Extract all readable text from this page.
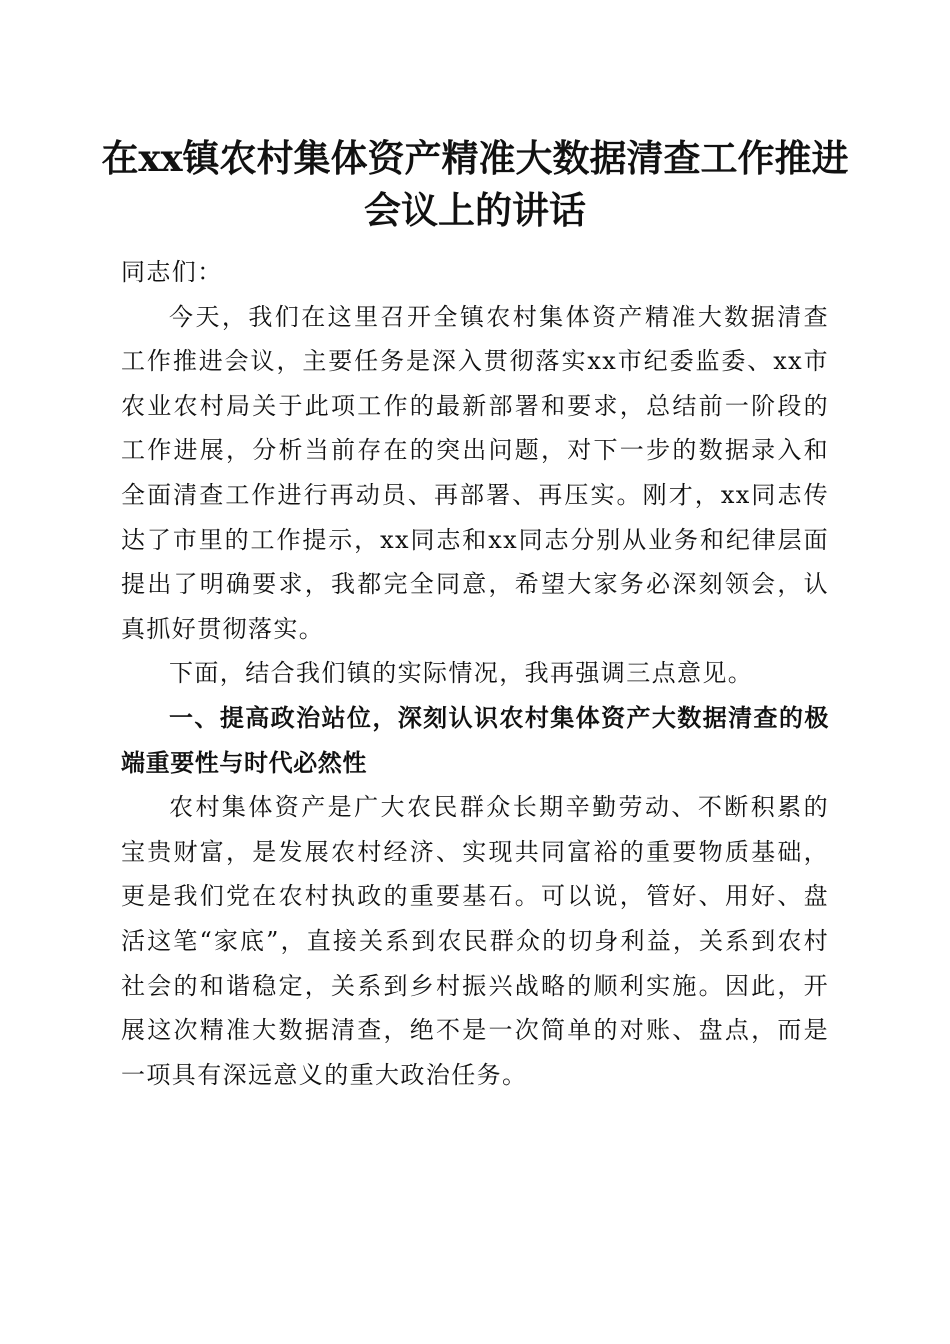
在xx镇农村集体资产精准大数据清查工作推进会议上的讲话

同志们：

今天，我们在这里召开全镇农村集体资产精准大数据清查工作推进会议，主要任务是深入贯彻落实xx市纪委监委、xx市农业农村局关于此项工作的最新部署和要求，总结前一阶段的工作进展，分析当前存在的突出问题，对下一步的数据录入和全面清查工作进行再动员、再部署、再压实。刚才，xx同志传达了市里的工作提示，xx同志和xx同志分别从业务和纪律层面提出了明确要求，我都完全同意，希望大家务必深刻领会，认真抓好贯彻落实。

下面，结合我们镇的实际情况，我再强调三点意见。

一、提高政治站位，深刻认识农村集体资产大数据清查的极端重要性与时代必然性

农村集体资产是广大农民群众长期辛勤劳动、不断积累的宝贵财富，是发展农村经济、实现共同富裕的重要物质基础，更是我们党在农村执政的重要基石。可以说，管好、用好、盘活这笔“家底”，直接关系到农民群众的切身利益，关系到农村社会的和谐稳定，关系到乡村振兴战略的顺利实施。因此，开展这次精准大数据清查，绝不是一次简单的对账、盘点，而是一项具有深远意义的重大政治任务。
